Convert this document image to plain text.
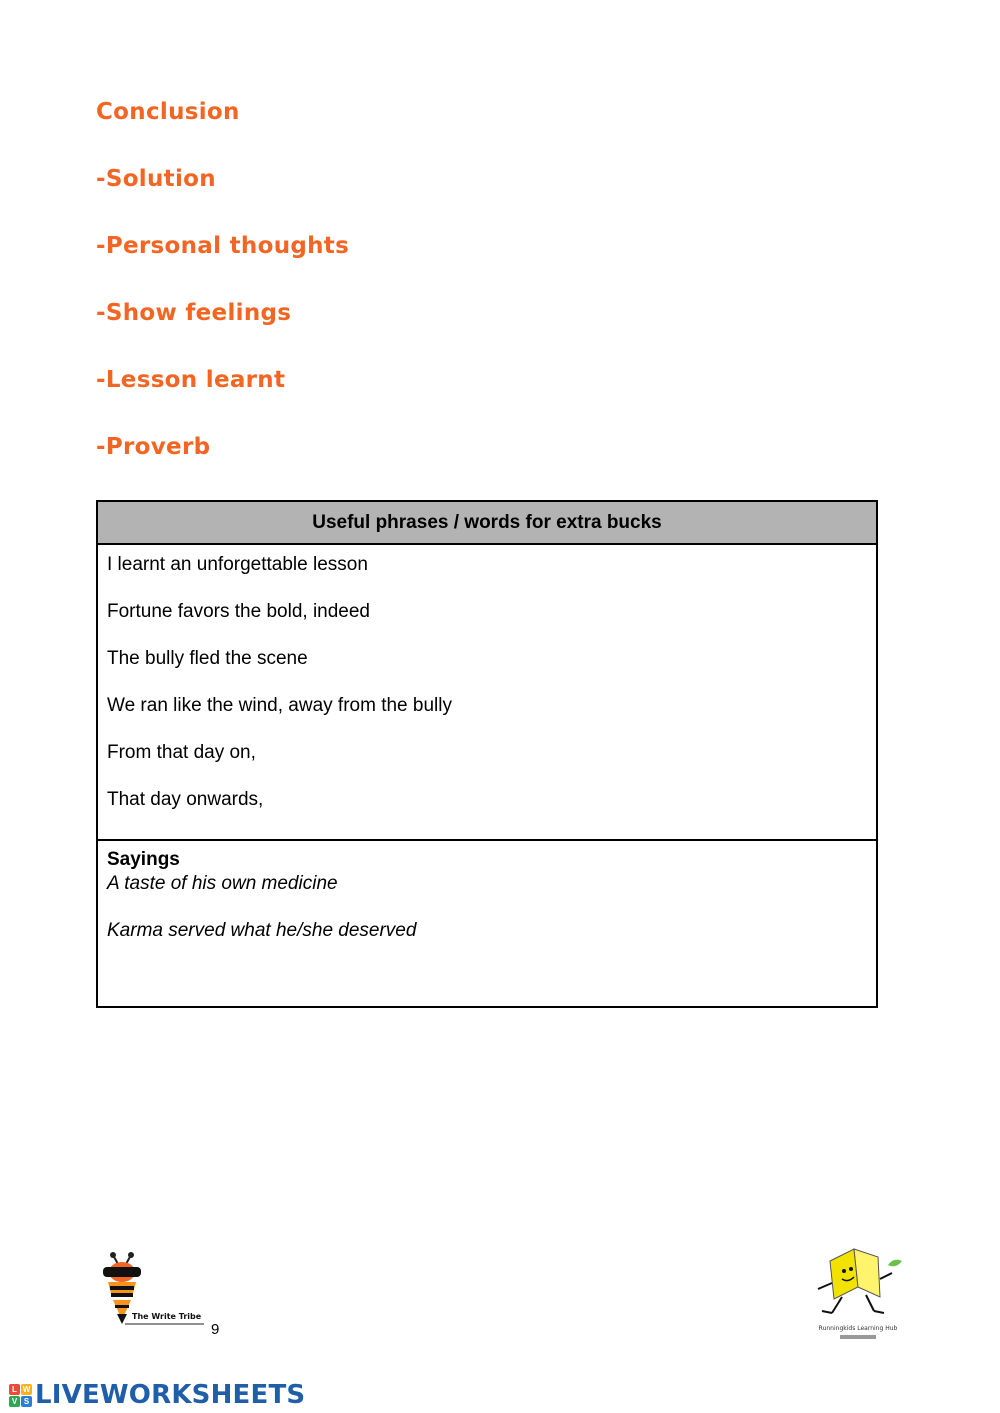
Conclusion
-Solution
-Personal thoughts
-Show feelings
-Lesson learnt
-Proverb
Useful phrases / words for extra bucks
I learnt an unforgettable lesson
Fortune favors the bold, indeed
The bully fled the scene
We ran like the wind, away from the bully
From that day on,
That day onwards,
Sayings
A taste of his own medicine
Karma served what he/she deserved
The Write Tribe
9	Runningkids Learning Hub
L W
V S LIVEWORKSHEETS
